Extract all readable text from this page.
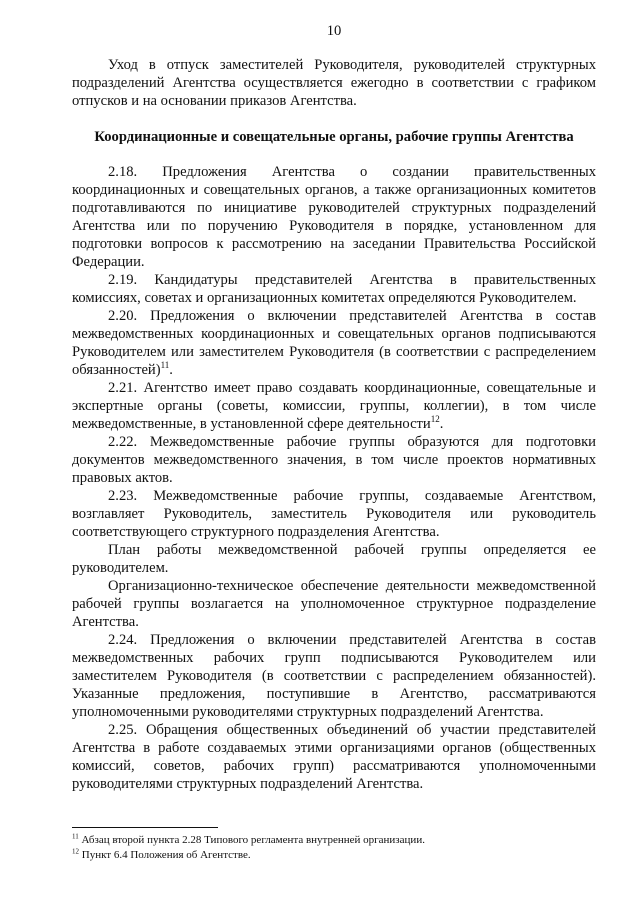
10

Уход в отпуск заместителей Руководителя, руководителей структурных подразделений Агентства осуществляется ежегодно в соответствии с графиком отпусков и на основании приказов Агентства.

Координационные и совещательные органы, рабочие группы Агентства

2.18. Предложения Агентства о создании правительственных координационных и совещательных органов, а также организационных комитетов подготавливаются по инициативе руководителей структурных подразделений Агентства или по поручению Руководителя в порядке, установленном для подготовки вопросов к рассмотрению на заседании Правительства Российской Федерации.

2.19. Кандидатуры представителей Агентства в правительственных комиссиях, советах и организационных комитетах определяются Руководителем.

2.20. Предложения о включении представителей Агентства в состав межведомственных координационных и совещательных органов подписываются Руководителем или заместителем Руководителя (в соответствии с распределением обязанностей)$^{11}$.

2.21. Агентство имеет право создавать координационные, совещательные и экспертные органы (советы, комиссии, группы, коллегии), в том числе межведомственные, в установленной сфере деятельности$^{12}$.

2.22. Межведомственные рабочие группы образуются для подготовки документов межведомственного значения, в том числе проектов нормативных правовых актов.

2.23. Межведомственные рабочие группы, создаваемые Агентством, возглавляет Руководитель, заместитель Руководителя или руководитель соответствующего структурного подразделения Агентства.

План работы межведомственной рабочей группы определяется ее руководителем.

Организационно-техническое обеспечение деятельности межведомственной рабочей группы возлагается на уполномоченное структурное подразделение Агентства.

2.24. Предложения о включении представителей Агентства в состав межведомственных рабочих групп подписываются Руководителем или заместителем Руководителя (в соответствии с распределением обязанностей). Указанные предложения, поступившие в Агентство, рассматриваются уполномоченными руководителями структурных подразделений Агентства.

2.25. Обращения общественных объединений об участии представителей Агентства в работе создаваемых этими организациями органов (общественных комиссий, советов, рабочих групп) рассматриваются уполномоченными руководителями структурных подразделений Агентства.

$^{11}$ Абзац второй пункта 2.28 Типового регламента внутренней организации.

$^{12}$ Пункт 6.4 Положения об Агентстве.
